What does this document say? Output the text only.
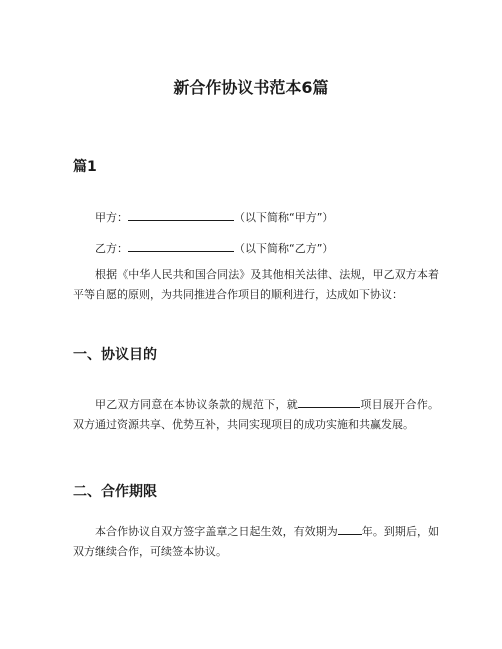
新合作协议书范本6篇
篇1

甲方：	（以下简称“甲方”）

乙方：	（以下简称“乙方”）

根据《中华人民共和国合同法》及其他相关法律、法规，甲乙双方本着平等自愿的原则，为共同推进合作项目的顺利进行，达成如下协议：

一、协议目的

甲乙双方同意在本协议条款的规范下，就	项目展开合作。双方通过资源共享、优势互补，共同实现项目的成功实施和共赢发展。

二、合作期限

本合作协议自双方签字盖章之日起生效，有效期为 年。到期后，如双方继续合作，可续签本协议。
